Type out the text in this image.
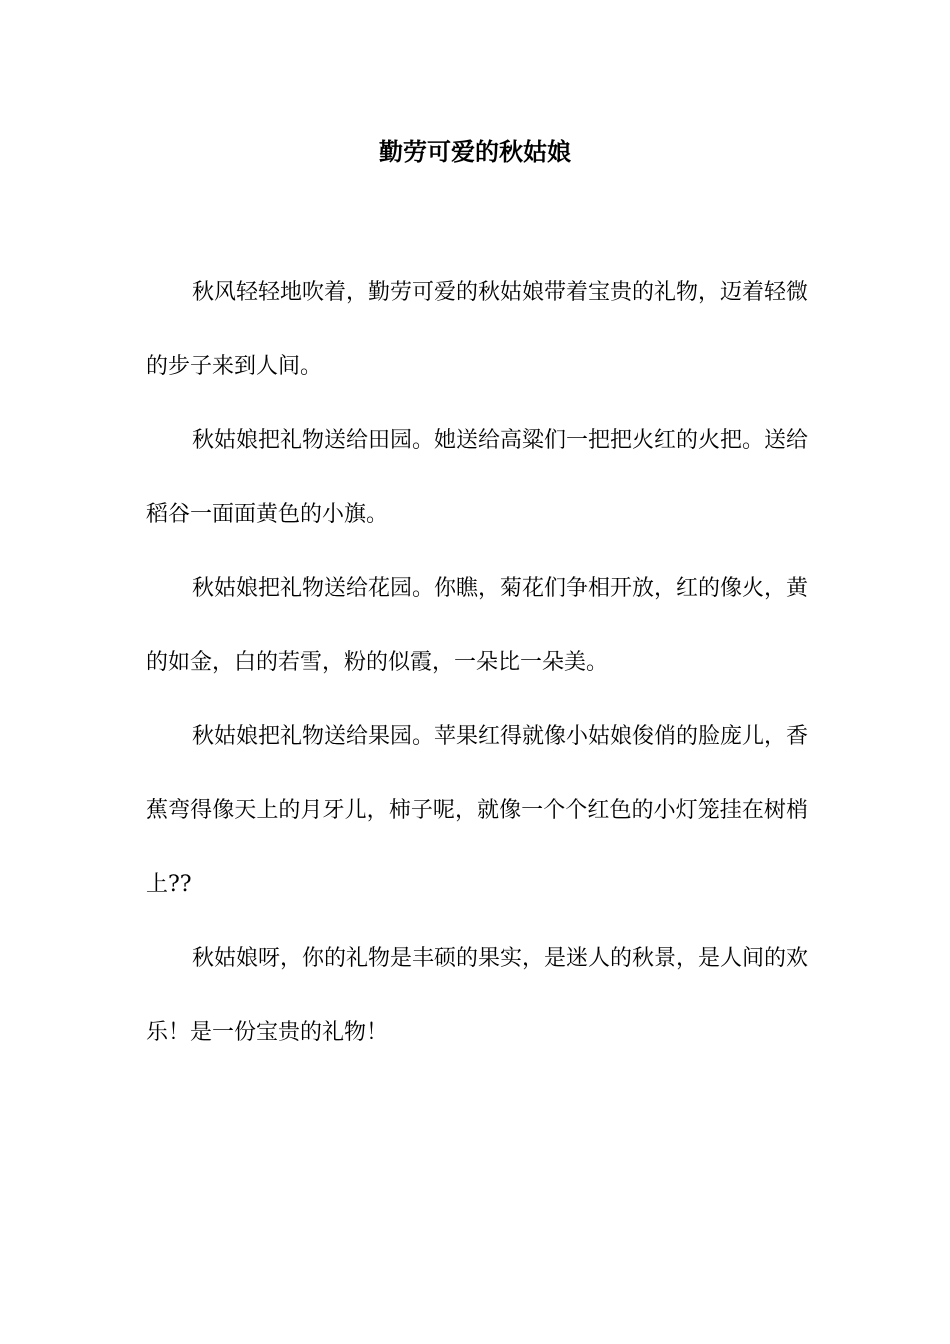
勤劳可爱的秋姑娘

秋风轻轻地吹着，勤劳可爱的秋姑娘带着宝贵的礼物，迈着轻微的步子来到人间。

秋姑娘把礼物送给田园。她送给高粱们一把把火红的火把。送给稻谷一面面黄色的小旗。

秋姑娘把礼物送给花园。你瞧，菊花们争相开放，红的像火，黄的如金，白的若雪，粉的似霞，一朵比一朵美。

秋姑娘把礼物送给果园。苹果红得就像小姑娘俊俏的脸庞儿，香蕉弯得像天上的月牙儿，柿子呢，就像一个个红色的小灯笼挂在树梢上??

秋姑娘呀，你的礼物是丰硕的果实，是迷人的秋景，是人间的欢乐！是一份宝贵的礼物！
